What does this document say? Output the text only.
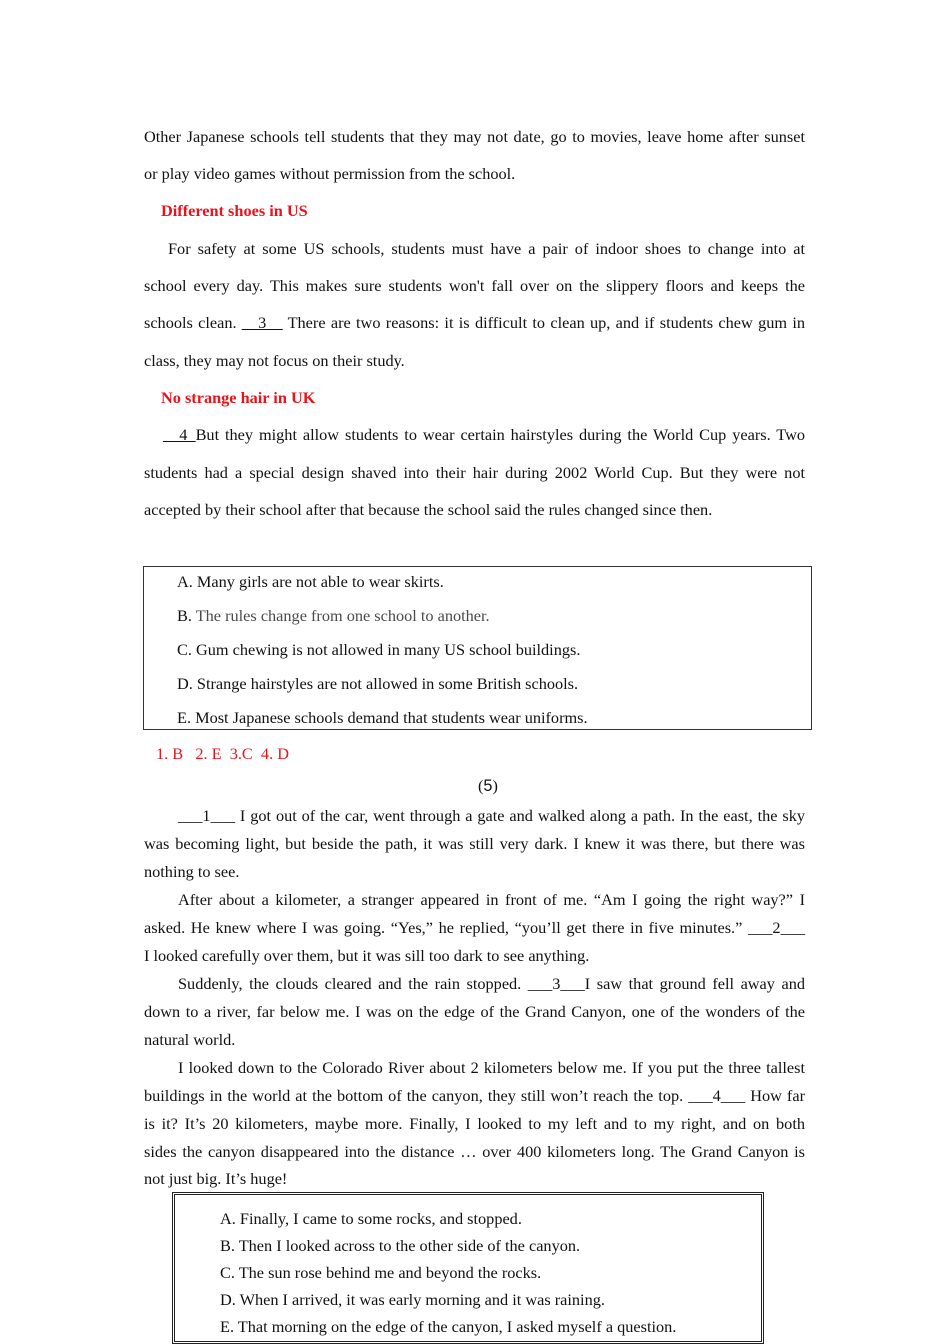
Other Japanese schools tell students that they may not date, go to movies, leave home after sunset
or play video games without permission from the school.
Different shoes in US
For safety at some US schools, students must have a pair of indoor shoes to change into at
school every day. This makes sure students won't fall over on the slippery floors and keeps the
schools clean. __3__ There are two reasons: it is difficult to clean up, and if students chew gum in
class, they may not focus on their study.
No strange hair in UK
__4_But they might allow students to wear certain hairstyles during the World Cup years. Two
students had a special design shaved into their hair during 2002 World Cup. But they were not
accepted by their school after that because the school said the rules changed since then.
A. Many girls are not able to wear skirts.
B. The rules change from one school to another.
C. Gum chewing is not allowed in many US school buildings.
D. Strange hairstyles are not allowed in some British schools.
E. Most Japanese schools demand that students wear uniforms.
1. B   2. E  3.C  4. D
(5)
___1___ I got out of the car, went through a gate and walked along a path. In the east, the sky
was becoming light, but beside the path, it was still very dark. I knew it was there, but there was
nothing to see.
After about a kilometer, a stranger appeared in front of me. “Am I going the right way?” I
asked. He knew where I was going. “Yes,” he replied, “you’ll get there in five minutes.” ___2___
I looked carefully over them, but it was sill too dark to see anything.
Suddenly, the clouds cleared and the rain stopped. ___3___I saw that ground fell away and
down to a river, far below me. I was on the edge of the Grand Canyon, one of the wonders of the
natural world.
I looked down to the Colorado River about 2 kilometers below me. If you put the three tallest
buildings in the world at the bottom of the canyon, they still won’t reach the top. ___4___ How far
is it? It’s 20 kilometers, maybe more. Finally, I looked to my left and to my right, and on both
sides the canyon disappeared into the distance … over 400 kilometers long. The Grand Canyon is
not just big. It’s huge!
A. Finally, I came to some rocks, and stopped.
B. Then I looked across to the other side of the canyon.
C. The sun rose behind me and beyond the rocks.
D. When I arrived, it was early morning and it was raining.
E. That morning on the edge of the canyon, I asked myself a question.
